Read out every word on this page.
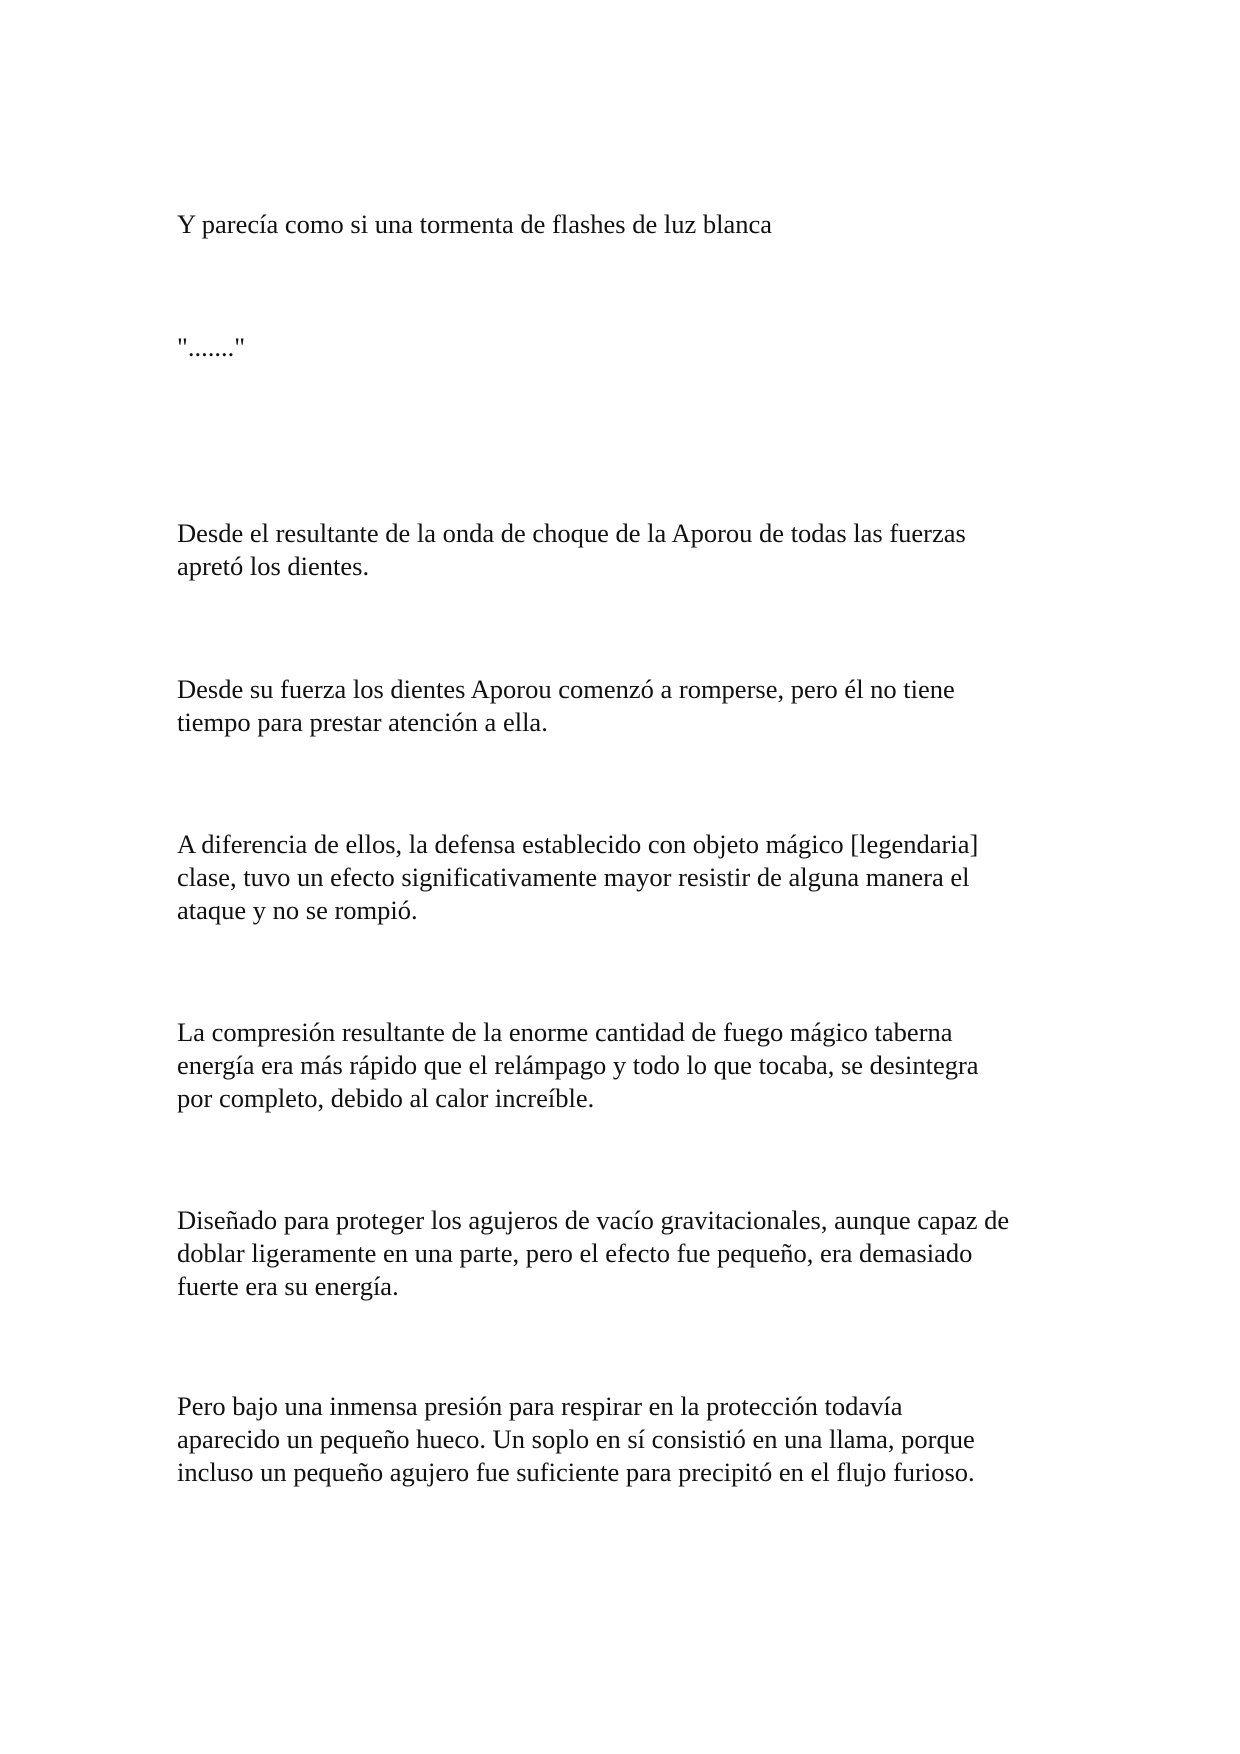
Y parecía como si una tormenta de flashes de luz blanca

"......."

Desde el resultante de la onda de choque de la Aporou de todas las fuerzas
apretó los dientes.

Desde su fuerza los dientes Aporou comenzó a romperse, pero él no tiene
tiempo para prestar atención a ella.

A diferencia de ellos, la defensa establecido con objeto mágico [legendaria]
clase, tuvo un efecto significativamente mayor resistir de alguna manera el
ataque y no se rompió.

La compresión resultante de la enorme cantidad de fuego mágico taberna
energía era más rápido que el relámpago y todo lo que tocaba, se desintegra
por completo, debido al calor increíble.

Diseñado para proteger los agujeros de vacío gravitacionales, aunque capaz de
doblar ligeramente en una parte, pero el efecto fue pequeño, era demasiado
fuerte era su energía.

Pero bajo una inmensa presión para respirar en la protección todavía
aparecido un pequeño hueco. Un soplo en sí consistió en una llama, porque
incluso un pequeño agujero fue suficiente para precipitó en el flujo furioso.
